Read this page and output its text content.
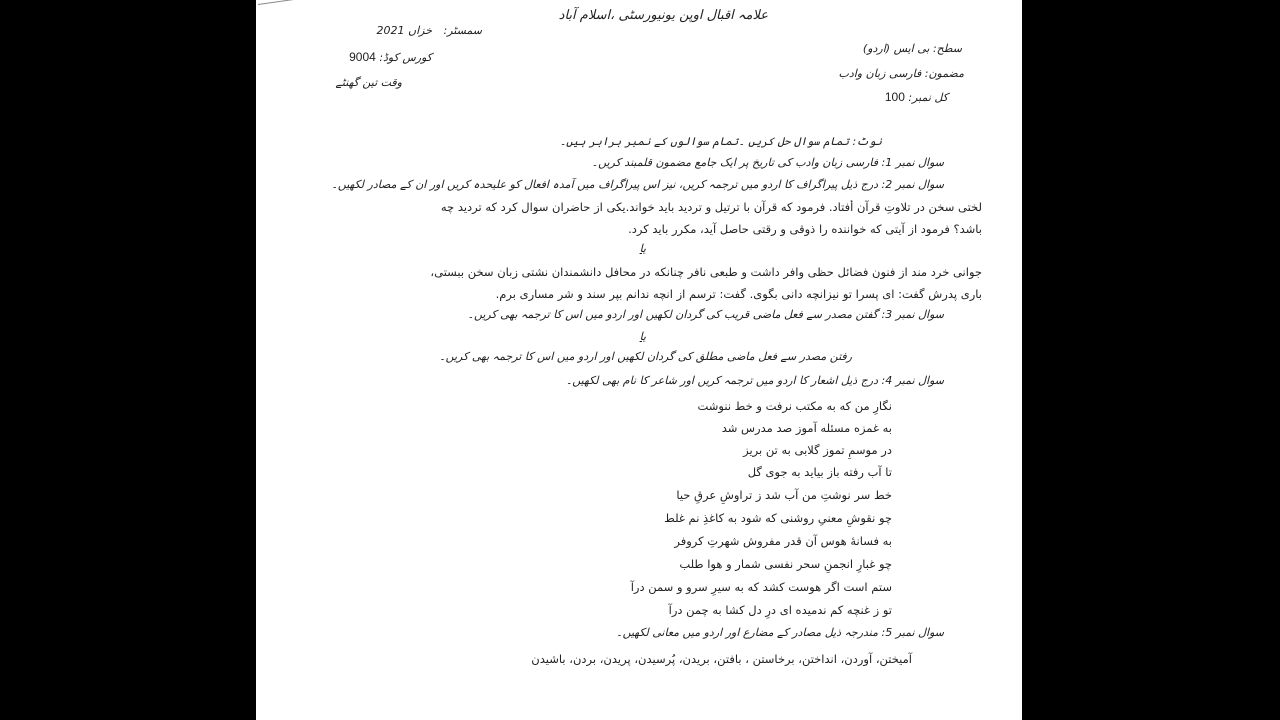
علامہ اقبال اوپن یونیورسٹی ،اسلام آباد
سمسٹر: خزاں 2021
کورس کوڈ: 9004
وقت تین گھنٹے
سطح: بی ایس (اردو)
مضمون: فارسی زبان وادب
کل نمبر: 100
نوٹ: تمام سوال حل کریں ۔تمام سوالوں کے نمبر برابر ہیں۔
سوال نمبر 1: فارسی زبان وادب کی تاریخ پر ایک جامع مضمون قلمبند کریں۔
سوال نمبر 2: درج ذیل پیراگراف کا اردو میں ترجمہ کریں، نیز اس پیراگراف میں آمدہ افعال کو علیحدہ کریں اور ان کے مصادر لکھیں۔
لختی سخن در تلاوتِ قرآن أفتاد. فرمود که قرآن با ترتیل و تردید باید خواند.یکی از حاضران سوال کرد که تردید چه
باشد؟ فرمود از آیتی که خواننده را ذوقی و رقتی حاصل آید، مکرر باید کرد.
یا
جوانی خرد مند از فنونِ فضائل حظی وافر داشت و طبعی نافر چنانکه در محافلِ دانشمندان نشتی زبانِ سخن ببستی،
باری پدرش گفت: ای پسرا تو نیزانچه دانی بگوی. گفت: ترسم از انچه ندانم بپر سند و شر مساری برم.
سوال نمبر 3: گفتن مصدر سے فعل ماضی قریب کی گردان لکھیں اور اردو میں اس کا ترجمہ بھی کریں۔
یا
رفتن مصدر سے فعل ماضی مطلق کی گردان لکھیں اور اردو میں اس کا ترجمہ بھی کریں۔
سوال نمبر 4: درج ذیل اشعار کا اردو میں ترجمہ کریں اور شاعر کا نام بھی لکھیں۔
نگارِ من که به مکتب نرفت و خط ننوشت
به غمزه مسئله آموز صد مدرس شد
در موسمِ تموز گلابی به تن بریز
تا آب رفته باز بیاید به جوی گل
خط سر نوشتِ من آب شد ز تراوشِ عرقِ حیا
چو نقوشِ معنیِ روشنی که شود به کاغذِ نم غلط
به فسانهٔ هوس آن قدر مفروش شهرتِ کروفر
چو غبارِ انجمنِ سحر نفسی شمار و هوا طلب
ستم است اگر هوست کشد که به سیرِ سرو و سمن درآ
تو ز غنچه کم ندمیده ای درِ دل کشا به چمن درآ
سوال نمبر 5: مندرجہ ذیل مصادر کے مضارع اور اردو میں معانی لکھیں۔
آمیختن، آوردن، انداختن، برخاستن ، بافتن، بریدن، پُرسیدن، پریدن، بردن، باشیدن
